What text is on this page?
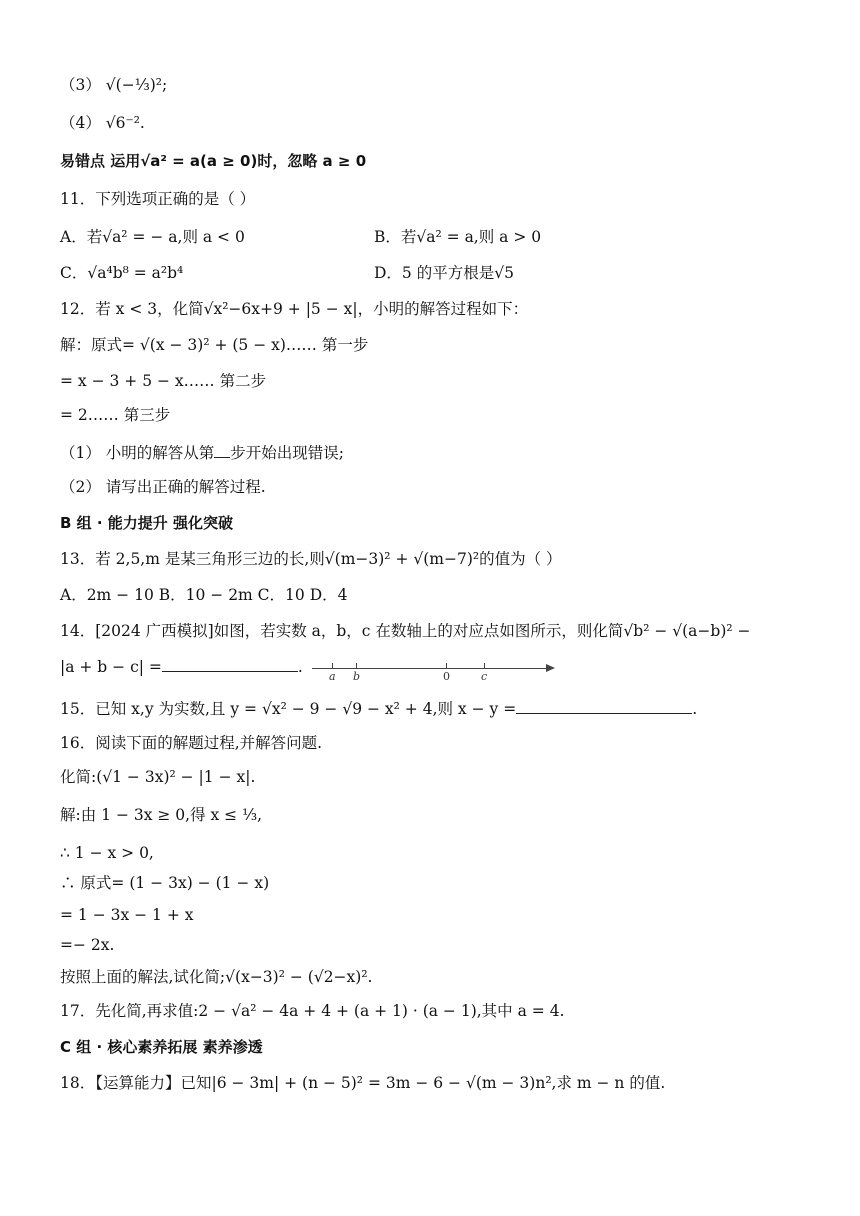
（3） √(−⅓)²;
（4） √6⁻².
易错点 运用√a² = a(a ≥ 0)时，忽略 a ≥ 0
11．下列选项正确的是（ ）
A．若√a² = − a,则 a < 0	B．若√a² = a,则 a > 0
C．√a⁴b⁸ = a²b⁴	D．5 的平方根是√5
12．若 x < 3，化简√x²−6x+9 + |5 − x|，小明的解答过程如下：
解：原式= √(x − 3)² + (5 − x)…… 第一步
= x − 3 + 5 − x…… 第二步
= 2…… 第三步
（1） 小明的解答从第 步开始出现错误;
（2） 请写出正确的解答过程.
B 组 · 能力提升 强化突破
13．若 2,5,m 是某三角形三边的长,则√(m−3)² + √(m−7)²的值为（ ）
A．2m − 10 B．10 − 2m C．10 D．4
14．[2024 广西模拟]如图，若实数 a，b，c 在数轴上的对应点如图所示，则化简√b² − √(a−b)² −
|a + b − c| =	.
a b	0	c
15．已知 x,y 为实数,且 y = √x² − 9 − √9 − x² + 4,则 x − y =	.
16．阅读下面的解题过程,并解答问题.
化简:(√1 − 3x)² − |1 − x|.
解:由 1 − 3x ≥ 0,得 x ≤ ⅓,
∴ 1 − x > 0,
∴ 原式= (1 − 3x) − (1 − x)
= 1 − 3x − 1 + x
=− 2x.
按照上面的解法,试化简;√(x−3)² − (√2−x)².
17．先化简,再求值:2 − √a² − 4a + 4 + (a + 1) · (a − 1),其中 a = 4.
C 组 · 核心素养拓展 素养渗透
18．【运算能力】已知|6 − 3m| + (n − 5)² = 3m − 6 − √(m − 3)n²,求 m − n 的值.
